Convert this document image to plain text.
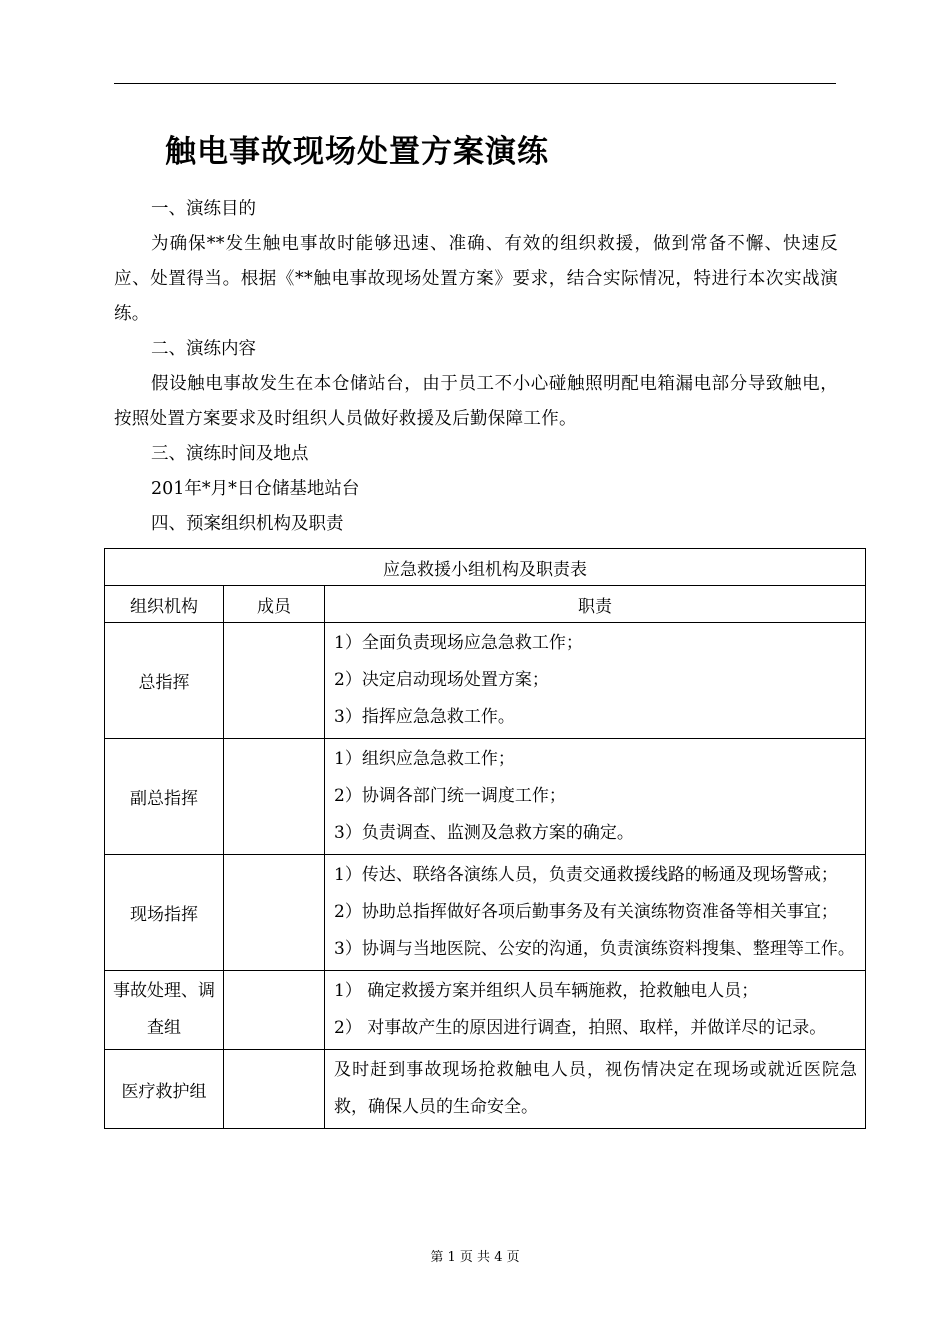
触电事故现场处置方案演练

一、演练目的

为确保**发生触电事故时能够迅速、准确、有效的组织救援，做到常备不懈、快速反应、处置得当。根据《**触电事故现场处置方案》要求，结合实际情况，特进行本次实战演练。

二、演练内容

假设触电事故发生在本仓储站台，由于员工不小心碰触照明配电箱漏电部分导致触电，按照处置方案要求及时组织人员做好救援及后勤保障工作。

三、演练时间及地点

201年*月*日仓储基地站台

四、预案组织机构及职责

应急救援小组机构及职责表		
组织机构	成员	职责
总指挥		1）全面负责现场应急急救工作；
2）决定启动现场处置方案；
3）指挥应急急救工作。

副总指挥		1）组织应急急救工作；
2）协调各部门统一调度工作；
3）负责调查、监测及急救方案的确定。

现场指挥		1）传达、联络各演练人员，负责交通救援线路的畅通及现场警戒；
2）协助总指挥做好各项后勤事务及有关演练物资准备等相关事宜；
3）协调与当地医院、公安的沟通，负责演练资料搜集、整理等工作。

事故处理、调查组		1） 确定救援方案并组织人员车辆施救，抢救触电人员；
2） 对事故产生的原因进行调查，拍照、取样，并做详尽的记录。

医疗救护组		及时赶到事故现场抢救触电人员，视伤情决定在现场或就近医院急救，确保人员的生命安全。
第 1 页 共 4 页
